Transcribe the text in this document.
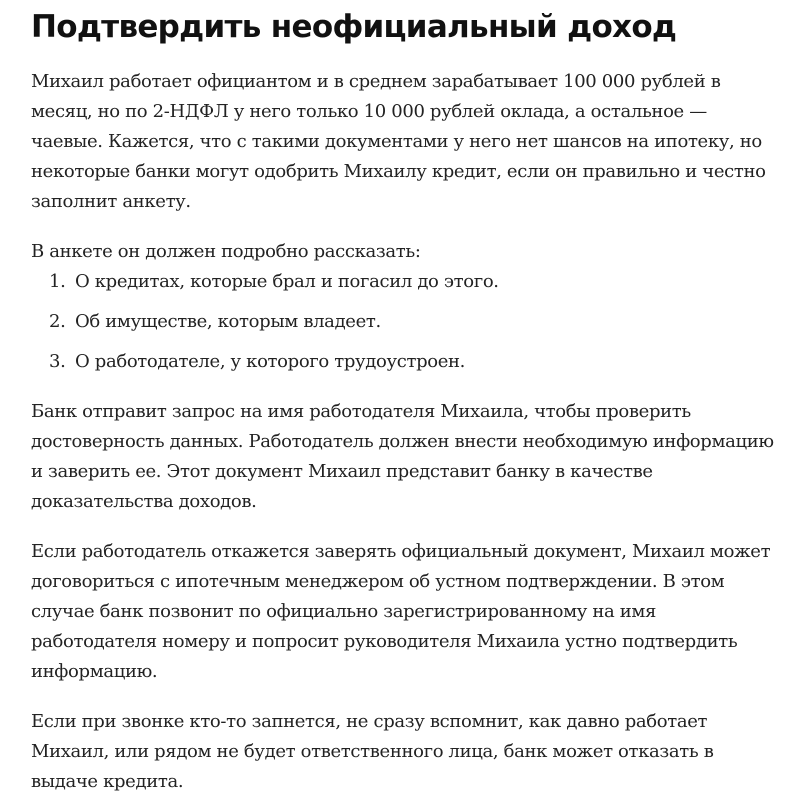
Подтвердить неофициальный доход

Михаил работает официантом и в среднем зарабатывает 100 000 рублей в месяц, но по 2-НДФЛ у него только 10 000 рублей оклада, а остальное — чаевые. Кажется, что с такими документами у него нет шансов на ипотеку, но некоторые банки могут одобрить Михаилу кредит, если он правильно и честно заполнит анкету.

В анкете он должен подробно рассказать:

1. О кредитах, которые брал и погасил до этого.
2. Об имуществе, которым владеет.
3. О работодателе, у которого трудоустроен.

Банк отправит запрос на имя работодателя Михаила, чтобы проверить достоверность данных. Работодатель должен внести необходимую информацию и заверить ее. Этот документ Михаил представит банку в качестве доказательства доходов.

Если работодатель откажется заверять официальный документ, Михаил может договориться с ипотечным менеджером об устном подтверждении. В этом случае банк позвонит по официально зарегистрированному на имя работодателя номеру и попросит руководителя Михаила устно подтвердить информацию.

Если при звонке кто-то запнется, не сразу вспомнит, как давно работает Михаил, или рядом не будет ответственного лица, банк может отказать в выдаче кредита.
